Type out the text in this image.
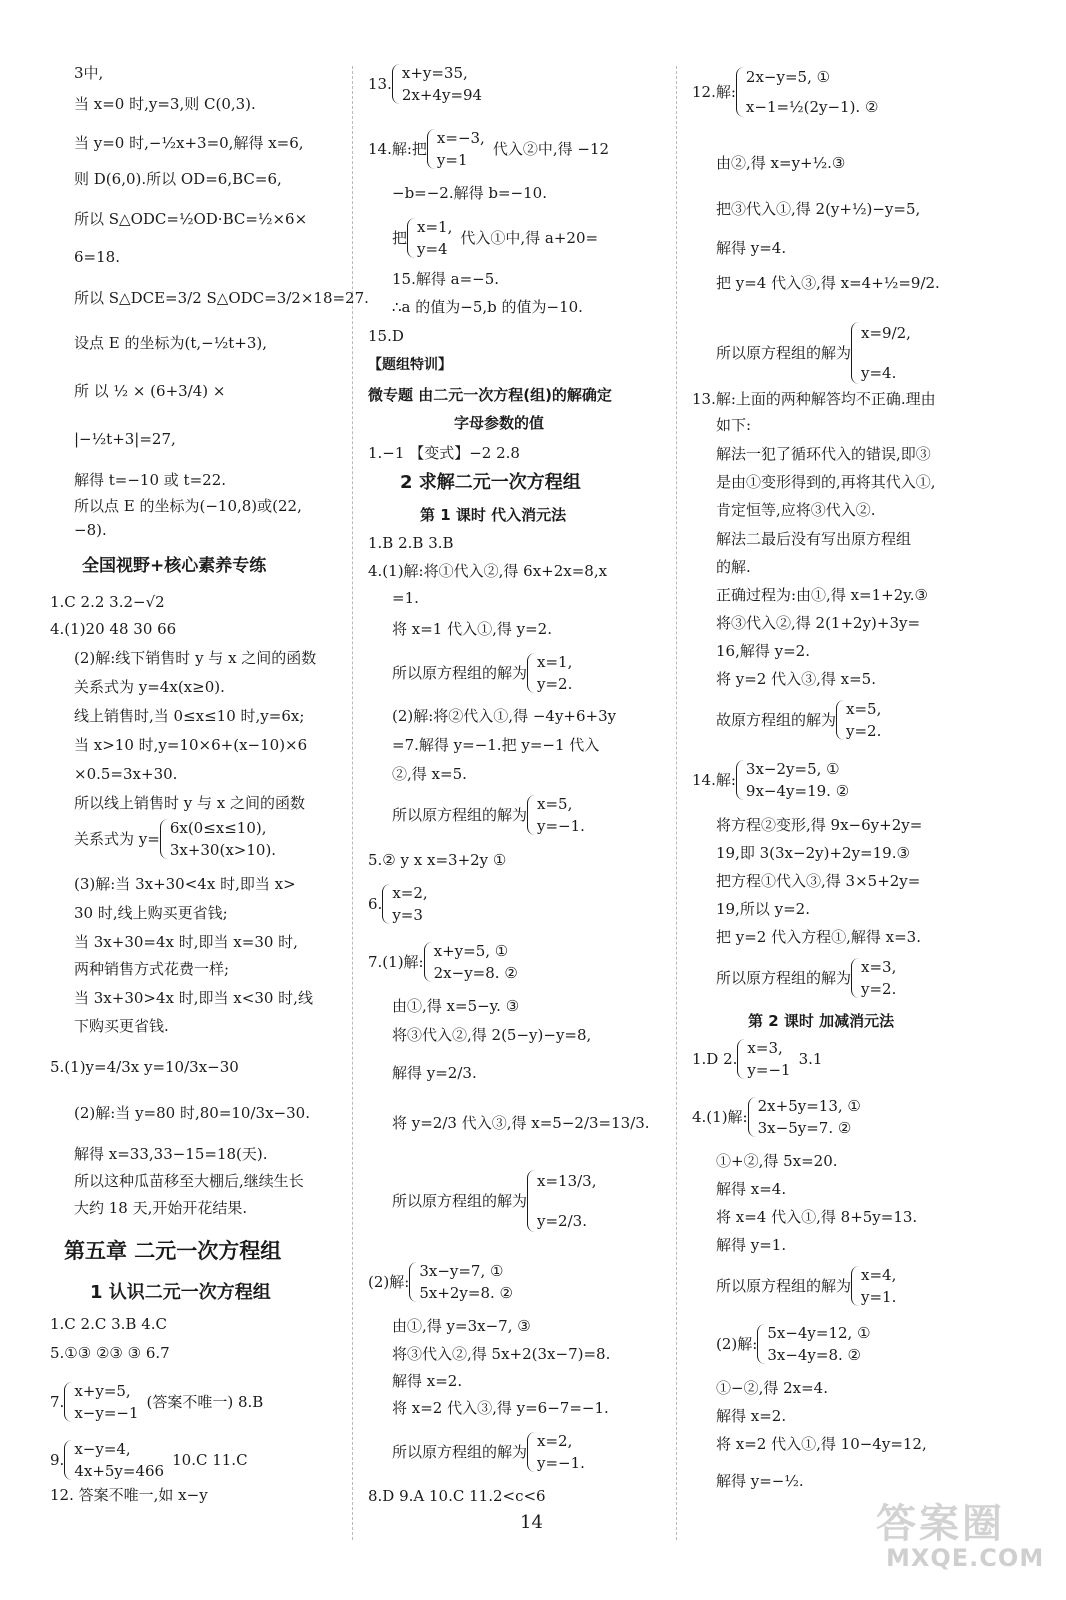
3中,
当 x=0 时,y=3,则 C(0,3).
当 y=0 时,−½x+3=0,解得 x=6,
则 D(6,0).所以 OD=6,BC=6,
所以 S△ODC=½OD·BC=½×6×
6=18.
所以 S△DCE=3/2 S△ODC=3/2×18=27.
设点 E 的坐标为(t,−½t+3),
所 以 ½ × (6+3/4) ×
|−½t+3|=27,
解得 t=−10 或 t=22.
所以点 E 的坐标为(−10,8)或(22,
−8).
全国视野+核心素养专练
1.C 2.2 3.2−√2
4.(1)20 48 30 66
(2)解:线下销售时 y 与 x 之间的函数
关系式为 y=4x(x≥0).
线上销售时,当 0≤x≤10 时,y=6x;
当 x>10 时,y=10×6+(x−10)×6
×0.5=3x+30.
所以线上销售时 y 与 x 之间的函数
关系式为 y=
6x(0≤x≤10),
3x+30(x>10).
(3)解:当 3x+30<4x 时,即当 x>
30 时,线上购买更省钱;
当 3x+30=4x 时,即当 x=30 时,
两种销售方式花费一样;
当 3x+30>4x 时,即当 x<30 时,线
下购买更省钱.
5.(1)y=4/3x y=10/3x−30
(2)解:当 y=80 时,80=10/3x−30.
解得 x=33,33−15=18(天).
所以这种瓜苗移至大棚后,继续生长
大约 18 天,开始开花结果.
第五章 二元一次方程组
1 认识二元一次方程组
1.C 2.C 3.B 4.C
5.①③ ②③ ③ 6.7
7.
x+y=5,
x−y=−1
(答案不唯一) 8.B
9.
x−y=4,
4x+5y=466
10.C 11.C
12. 答案不唯一,如 x−y
13.
x+y=35,
2x+4y=94
14.解:把
x=−3,
y=1
代入②中,得 −12
−b=−2.解得 b=−10.
把
x=1,
y=4
代入①中,得 a+20=
15.解得 a=−5.
∴a 的值为−5,b 的值为−10.
15.D
【题组特训】
微专题 由二元一次方程(组)的解确定
字母参数的值
1.−1 【变式】−2 2.8
2 求解二元一次方程组
第 1 课时 代入消元法
1.B 2.B 3.B
4.(1)解:将①代入②,得 6x+2x=8,x
=1.
将 x=1 代入①,得 y=2.
所以原方程组的解为
x=1,
y=2.
(2)解:将②代入①,得 −4y+6+3y
=7.解得 y=−1.把 y=−1 代入
②,得 x=5.
所以原方程组的解为
x=5,
y=−1.
5.② y x x=3+2y ①
6.
x=2,
y=3
7.(1)解:
x+y=5, ①
2x−y=8. ②
由①,得 x=5−y. ③
将③代入②,得 2(5−y)−y=8,
解得 y=2/3.
将 y=2/3 代入③,得 x=5−2/3=13/3.
所以原方程组的解为
x=13/3,
y=2/3.
(2)解:
3x−y=7, ①
5x+2y=8. ②
由①,得 y=3x−7, ③
将③代入②,得 5x+2(3x−7)=8.
解得 x=2.
将 x=2 代入③,得 y=6−7=−1.
所以原方程组的解为
x=2,
y=−1.
8.D 9.A 10.C 11.2<c<6
12.解:
2x−y=5, ①
x−1=½(2y−1). ②
由②,得 x=y+½.③
把③代入①,得 2(y+½)−y=5,
解得 y=4.
把 y=4 代入③,得 x=4+½=9/2.
所以原方程组的解为
x=9/2,
y=4.
13.解:上面的两种解答均不正确.理由
如下:
解法一犯了循环代入的错误,即③
是由①变形得到的,再将其代入①,
肯定恒等,应将③代入②.
解法二最后没有写出原方程组
的解.
正确过程为:由①,得 x=1+2y.③
将③代入②,得 2(1+2y)+3y=
16,解得 y=2.
将 y=2 代入③,得 x=5.
故原方程组的解为
x=5,
y=2.
14.解:
3x−2y=5, ①
9x−4y=19. ②
将方程②变形,得 9x−6y+2y=
19,即 3(3x−2y)+2y=19.③
把方程①代入③,得 3×5+2y=
19,所以 y=2.
把 y=2 代入方程①,解得 x=3.
所以原方程组的解为
x=3,
y=2.
第 2 课时 加减消元法
1.D 2.
x=3,
y=−1
3.1
4.(1)解:
2x+5y=13, ①
3x−5y=7. ②
①+②,得 5x=20.
解得 x=4.
将 x=4 代入①,得 8+5y=13.
解得 y=1.
所以原方程组的解为
x=4,
y=1.
(2)解:
5x−4y=12, ①
3x−4y=8. ②
①−②,得 2x=4.
解得 x=2.
将 x=2 代入①,得 10−4y=12,
解得 y=−½.
14	答案圈
MXQE.COM
